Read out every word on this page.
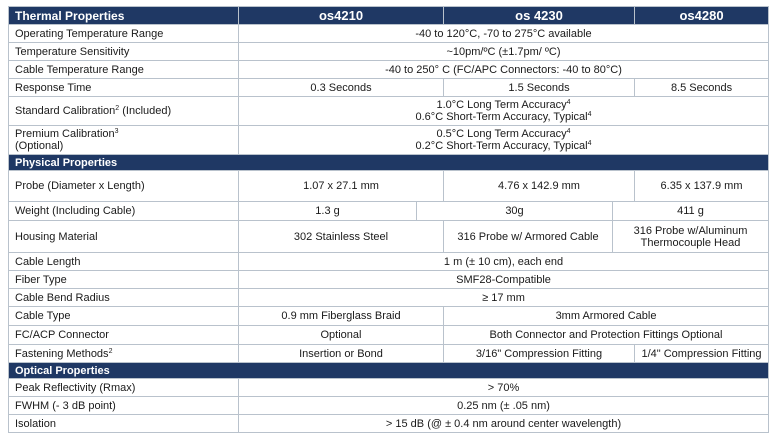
Thermal Properties	os4210		os 4230		os4280
Operating Temperature Range	-40 to 120°C, -70 to 275°C available				
Temperature Sensitivity	~10pm/ºC (±1.7pm/ ºC)				
Cable Temperature Range	-40 to 250° C (FC/APC Connectors: -40 to 80°C)				
Response Time	0.3 Seconds		1.5 Seconds		8.5 Seconds
Standard Calibration$^2$ (Included)	1.0°C Long Term Accuracy$^4$
0.6°C Short-Term Accuracy, Typical$^4$

Premium Calibration$^3$
(Optional)	0.5°C Long Term Accuracy$^4$
0.2°C Short-Term Accuracy, Typical$^4$

Physical Properties					
Probe (Diameter x Length)	1.07 x 27.1 mm		4.76 x 142.9 mm		6.35 x 137.9 mm
Weight (Including Cable)	1.3 g	30g		411 g	
Housing Material	302 Stainless Steel		316 Probe w/ Armored Cable	316 Probe w/Aluminum
Thermocouple Head	

Cable Length	1 m (± 10 cm), each end				
Fiber Type	SMF28-Compatible				
Cable Bend Radius	≥ 17 mm				
Cable Type	0.9 mm Fiberglass Braid		3mm Armored Cable		
FC/ACP Connector	Optional		Both Connector and Protection Fittings Optional		
Fastening Methods$^2$	Insertion or Bond		3/16" Compression Fitting		1/4" Compression Fitting
Optical Properties					
Peak Reflectivity (Rmax)	> 70%				
FWHM (- 3 dB point)	0.25 nm (± .05 nm)				
Isolation	> 15 dB (@ ± 0.4 nm around center wavelength)				
